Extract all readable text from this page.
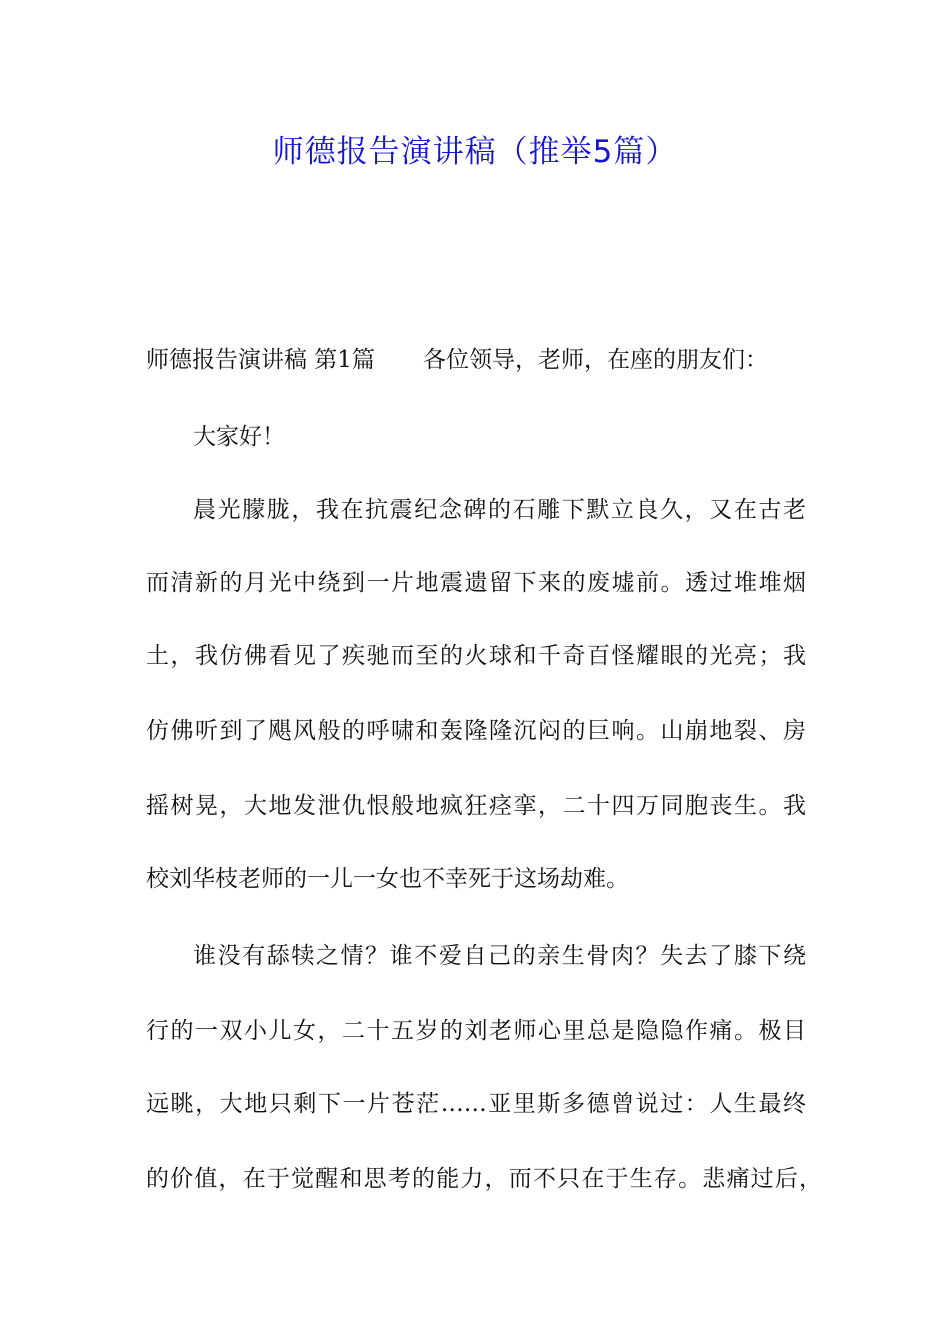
师德报告演讲稿（推举5篇）
师德报告演讲稿 第1篇 各位领导，老师，在座的朋友们：
大家好！
晨光朦胧，我在抗震纪念碑的石雕下默立良久，又在古老
而清新的月光中绕到一片地震遗留下来的废墟前。透过堆堆烟
土，我仿佛看见了疾驰而至的火球和千奇百怪耀眼的光亮；我
仿佛听到了飓风般的呼啸和轰隆隆沉闷的巨响。山崩地裂、房
摇树晃，大地发泄仇恨般地疯狂痉挛，二十四万同胞丧生。我
校刘华枝老师的一儿一女也不幸死于这场劫难。
谁没有舔犊之情？谁不爱自己的亲生骨肉？失去了膝下绕
行的一双小儿女，二十五岁的刘老师心里总是隐隐作痛。极目
远眺，大地只剩下一片苍茫……亚里斯多德曾说过：人生最终
的价值，在于觉醒和思考的能力，而不只在于生存。悲痛过后，
